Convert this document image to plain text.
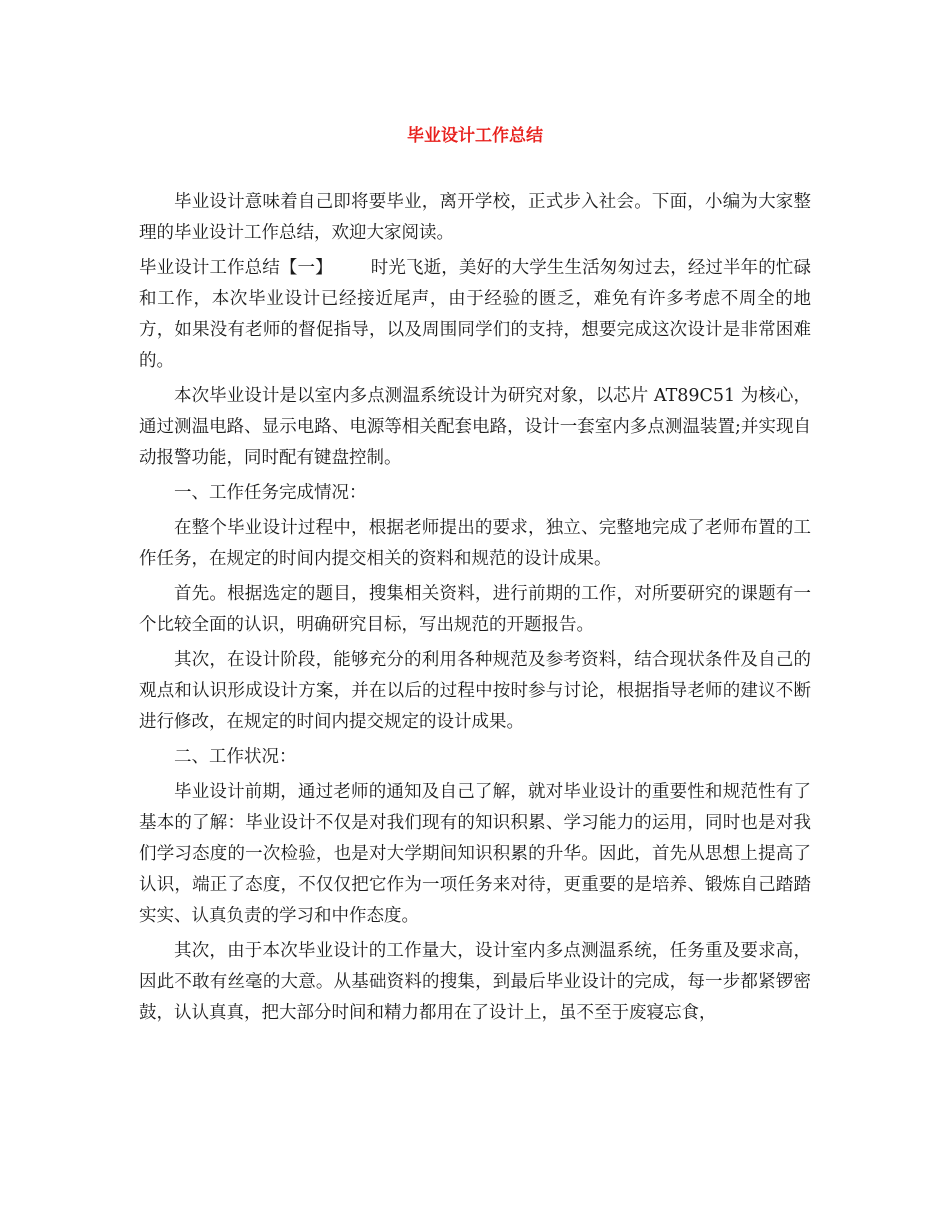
毕业设计工作总结

毕业设计意味着自己即将要毕业，离开学校，正式步入社会。下面，小编为大家整理的毕业设计工作总结，欢迎大家阅读。

毕业设计工作总结【一】 时光飞逝，美好的大学生生活匆匆过去，经过半年的忙碌和工作，本次毕业设计已经接近尾声，由于经验的匮乏，难免有许多考虑不周全的地方，如果没有老师的督促指导，以及周围同学们的支持，想要完成这次设计是非常困难的。

本次毕业设计是以室内多点测温系统设计为研究对象，以芯片 AT89C51 为核心，通过测温电路、显示电路、电源等相关配套电路，设计一套室内多点测温装置;并实现自动报警功能，同时配有键盘控制。

一、工作任务完成情况：

在整个毕业设计过程中，根据老师提出的要求，独立、完整地完成了老师布置的工作任务，在规定的时间内提交相关的资料和规范的设计成果。

首先。根据选定的题目，搜集相关资料，进行前期的工作，对所要研究的课题有一个比较全面的认识，明确研究目标，写出规范的开题报告。

其次，在设计阶段，能够充分的利用各种规范及参考资料，结合现状条件及自己的观点和认识形成设计方案，并在以后的过程中按时参与讨论，根据指导老师的建议不断进行修改，在规定的时间内提交规定的设计成果。

二、工作状况：

毕业设计前期，通过老师的通知及自己了解，就对毕业设计的重要性和规范性有了基本的了解：毕业设计不仅是对我们现有的知识积累、学习能力的运用，同时也是对我们学习态度的一次检验，也是对大学期间知识积累的升华。因此，首先从思想上提高了认识，端正了态度，不仅仅把它作为一项任务来对待，更重要的是培养、锻炼自己踏踏实实、认真负责的学习和中作态度。

其次，由于本次毕业设计的工作量大，设计室内多点测温系统，任务重及要求高，因此不敢有丝毫的大意。从基础资料的搜集，到最后毕业设计的完成，每一步都紧锣密鼓，认认真真，把大部分时间和精力都用在了设计上，虽不至于废寝忘食，
